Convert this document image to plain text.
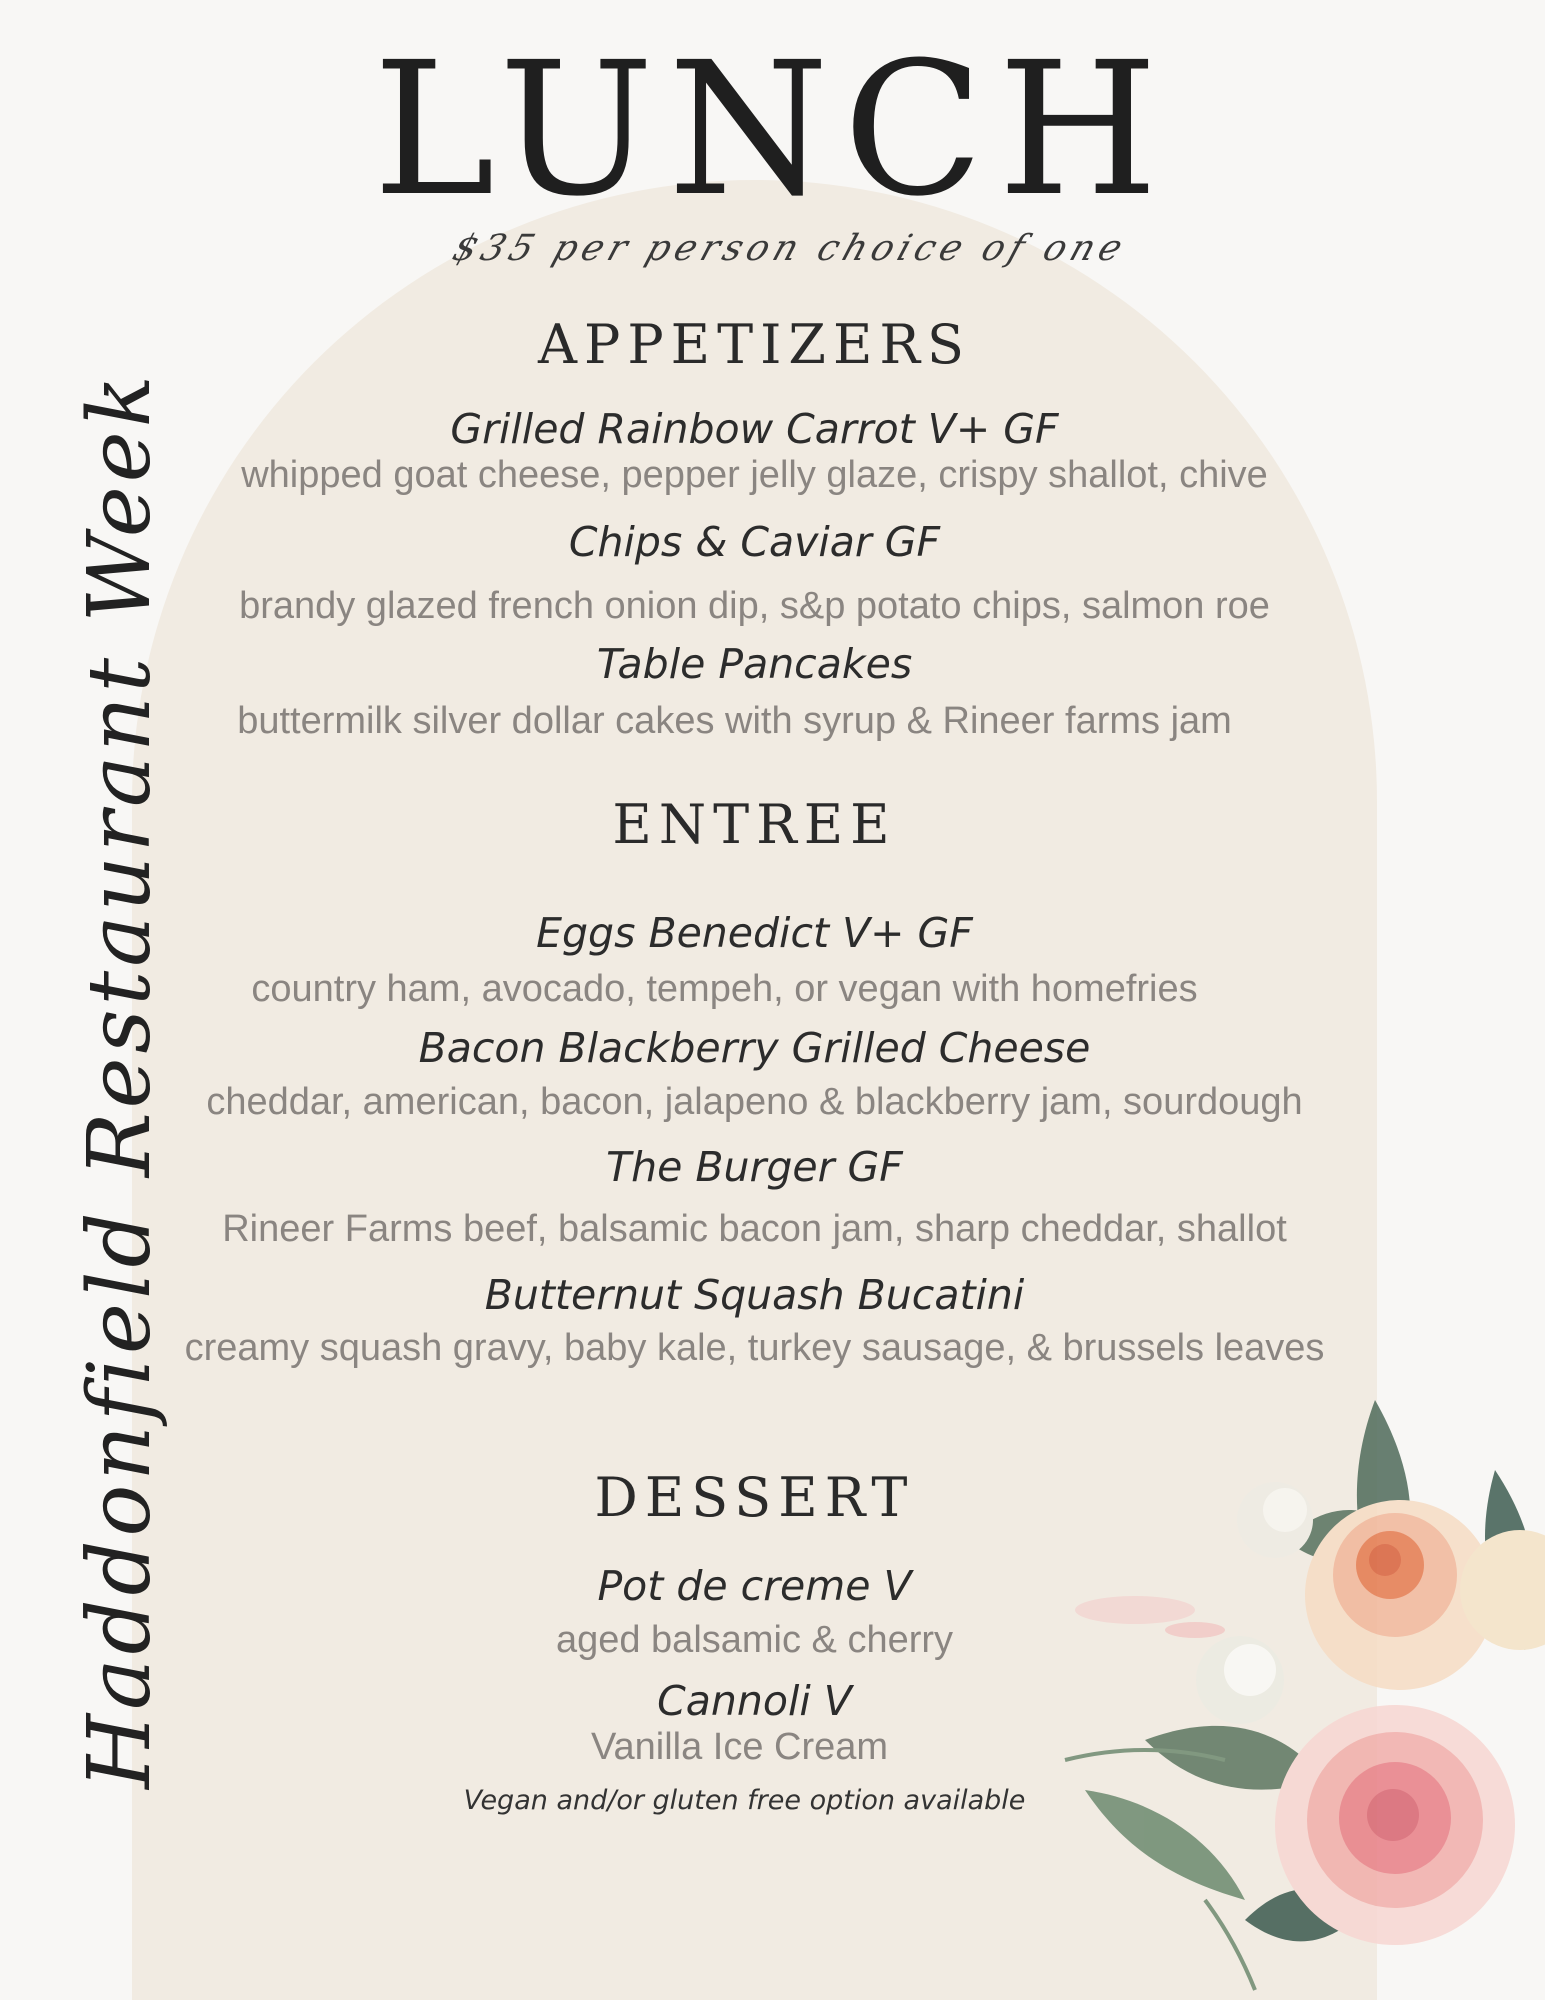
LUNCH
$35 per person choice of one
Haddonfield Restaurant Week
APPETIZERS
Grilled Rainbow Carrot V+ GF
whipped goat cheese, pepper jelly glaze, crispy shallot, chive
Chips & Caviar GF
brandy glazed french onion dip, s&p potato chips, salmon roe
Table Pancakes
buttermilk silver dollar cakes with syrup & Rineer farms jam
ENTREE
Eggs Benedict V+ GF
country ham, avocado, tempeh, or vegan with homefries
Bacon Blackberry Grilled Cheese
cheddar, american, bacon, jalapeno & blackberry jam, sourdough
The Burger GF
Rineer Farms beef, balsamic bacon jam, sharp cheddar, shallot
Butternut Squash Bucatini
creamy squash gravy, baby kale, turkey sausage, & brussels leaves
DESSERT
Pot de creme V
aged balsamic & cherry
Cannoli V
Vanilla Ice Cream
Vegan and/or gluten free option available
